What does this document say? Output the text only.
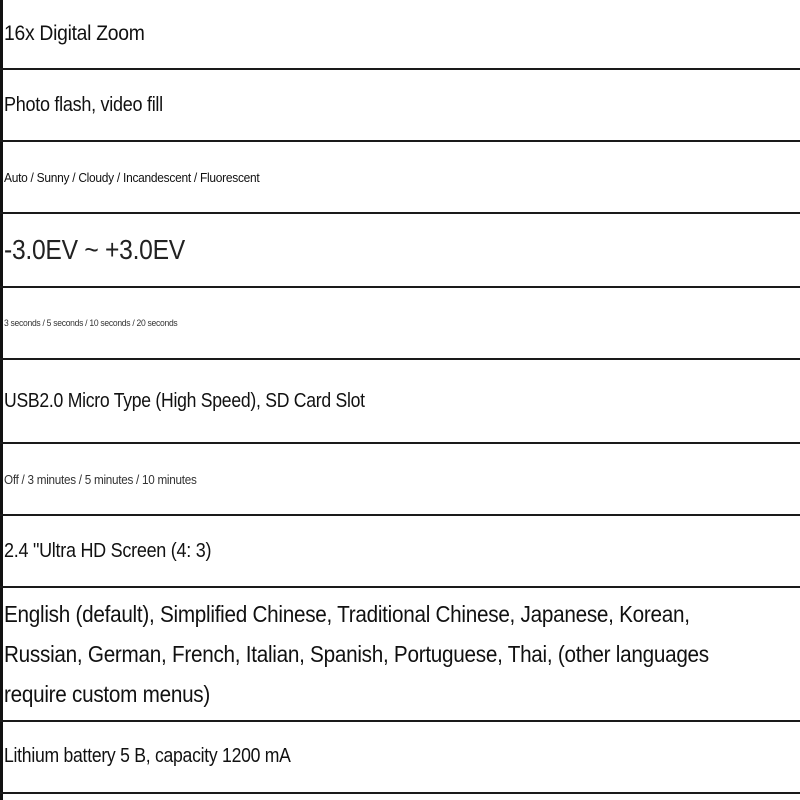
16x Digital Zoom
Photo flash, video fill
Auto / Sunny / Cloudy / Incandescent / Fluorescent
-3.0EV ~ +3.0EV
3 seconds / 5 seconds / 10 seconds / 20 seconds
USB2.0 Micro Type (High Speed), SD Card Slot
Off / 3 minutes / 5 minutes / 10 minutes
2.4 "Ultra HD Screen (4: 3)
English (default), Simplified Chinese, Traditional Chinese, Japanese, Korean, Russian, German, French, Italian, Spanish, Portuguese, Thai, (other languages require custom menus)
Lithium battery 5 B, capacity 1200 mA
